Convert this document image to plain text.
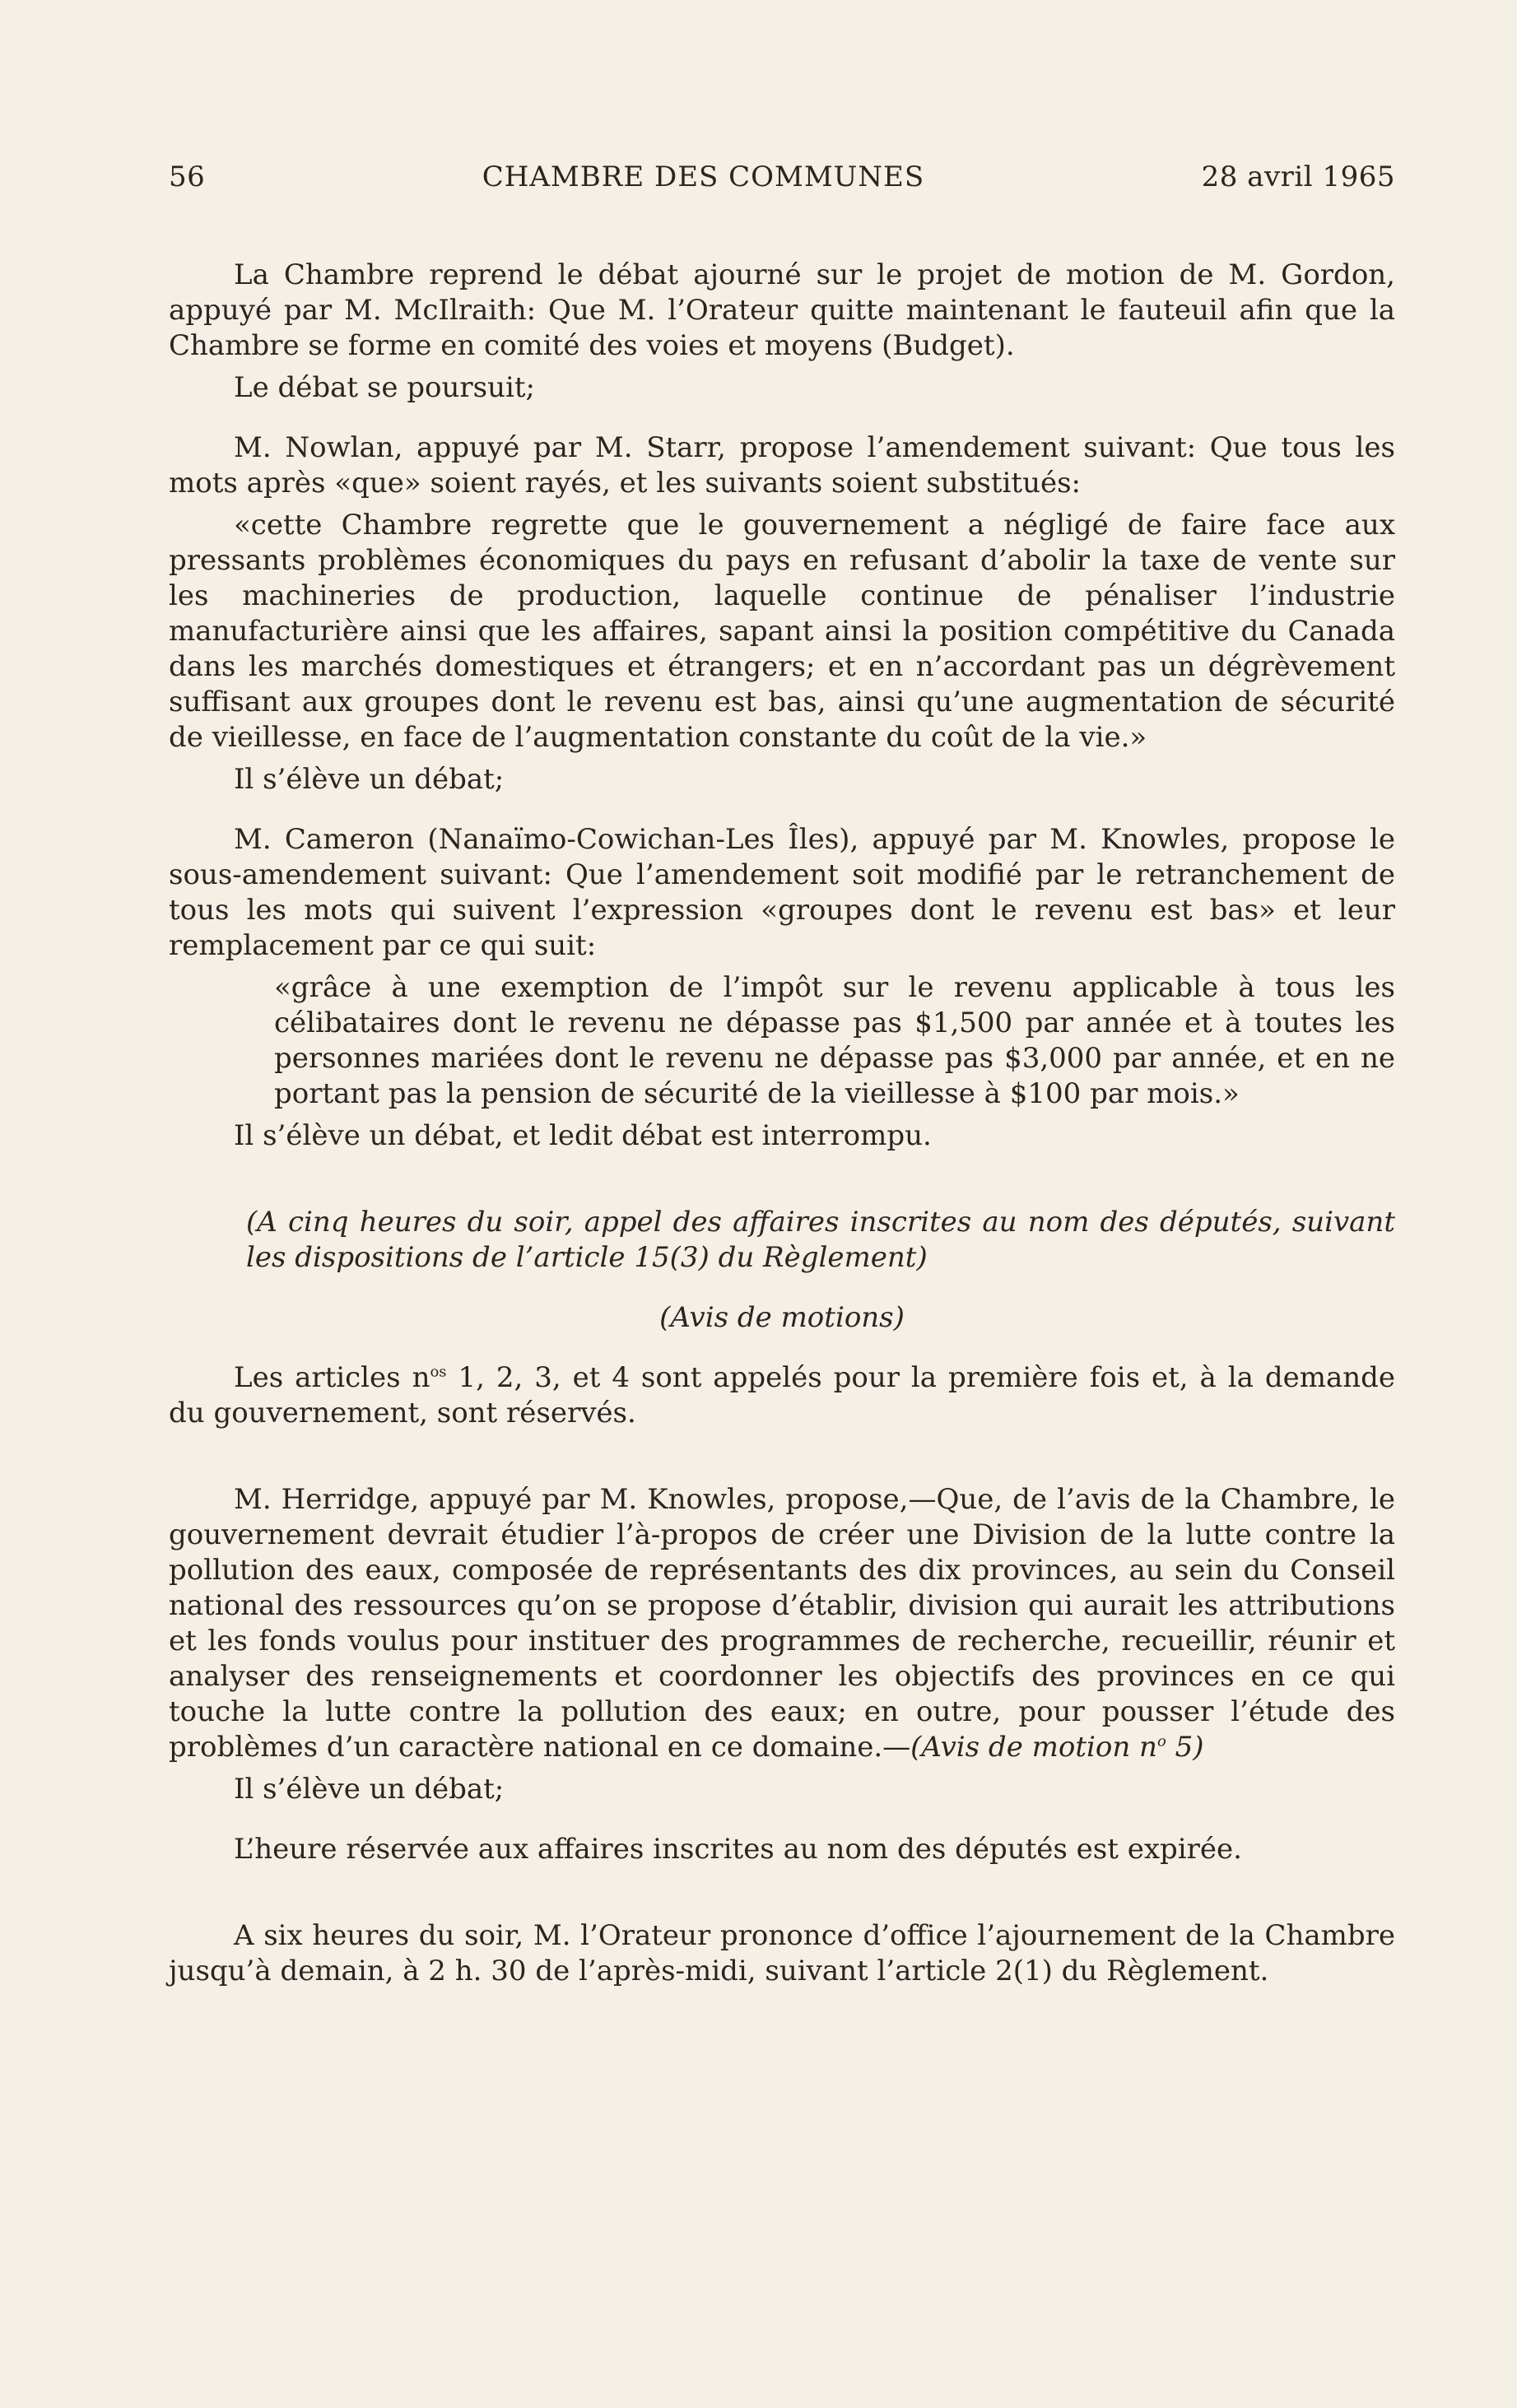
56	CHAMBRE DES COMMUNES	28 avril 1965

La Chambre reprend le débat ajourné sur le projet de motion de M. Gordon, appuyé par M. McIlraith: Que M. l’Orateur quitte maintenant le fauteuil afin que la Chambre se forme en comité des voies et moyens (Budget).

Le débat se poursuit;

M. Nowlan, appuyé par M. Starr, propose l’amendement suivant: Que tous les mots après «que» soient rayés, et les suivants soient substitués:

«cette Chambre regrette que le gouvernement a négligé de faire face aux pressants problèmes économiques du pays en refusant d’abolir la taxe de vente sur les machineries de production, laquelle continue de pénaliser l’industrie manufacturière ainsi que les affaires, sapant ainsi la position compétitive du Canada dans les marchés domestiques et étrangers; et en n’accordant pas un dégrèvement suffisant aux groupes dont le revenu est bas, ainsi qu’une augmentation de sécurité de vieillesse, en face de l’augmentation constante du coût de la vie.»

Il s’élève un débat;

M. Cameron (Nanaïmo-Cowichan-Les Îles), appuyé par M. Knowles, propose le sous-amendement suivant: Que l’amendement soit modifié par le retranchement de tous les mots qui suivent l’expression «groupes dont le revenu est bas» et leur remplacement par ce qui suit:

«grâce à une exemption de l’impôt sur le revenu applicable à tous les célibataires dont le revenu ne dépasse pas $1,500 par année et à toutes les personnes mariées dont le revenu ne dépasse pas $3,000 par année, et en ne portant pas la pension de sécurité de la vieillesse à $100 par mois.»

Il s’élève un débat, et ledit débat est interrompu.

(A cinq heures du soir, appel des affaires inscrites au nom des députés, suivant les dispositions de l’article 15(3) du Règlement)

(Avis de motions)

Les articles $n^{os}$ 1, 2, 3, et 4 sont appelés pour la première fois et, à la demande du gouvernement, sont réservés.

M. Herridge, appuyé par M. Knowles, propose,—Que, de l’avis de la Chambre, le gouvernement devrait étudier l’à-propos de créer une Division de la lutte contre la pollution des eaux, composée de représentants des dix provinces, au sein du Conseil national des ressources qu’on se propose d’établir, division qui aurait les attributions et les fonds voulus pour instituer des programmes de recherche, recueillir, réunir et analyser des renseignements et coordonner les objectifs des provinces en ce qui touche la lutte contre la pollution des eaux; en outre, pour pousser l’étude des problèmes d’un caractère national en ce domaine.—(Avis de motion $n^o$ 5)

Il s’élève un débat;

L’heure réservée aux affaires inscrites au nom des députés est expirée.

A six heures du soir, M. l’Orateur prononce d’office l’ajournement de la Chambre jusqu’à demain, à 2 h. 30 de l’après-midi, suivant l’article 2(1) du Règlement.
